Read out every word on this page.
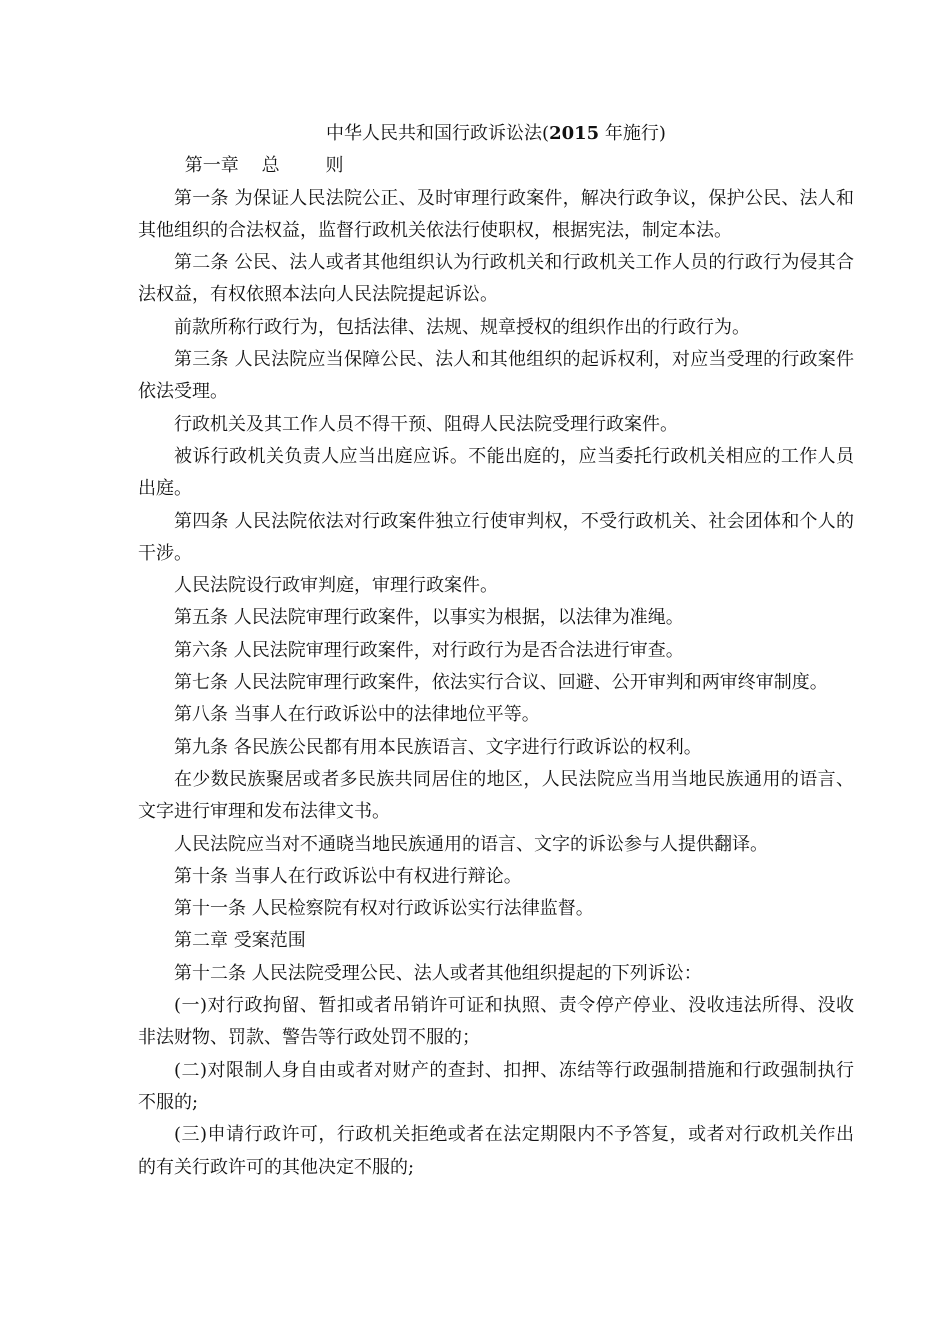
中华人民共和国行政诉讼法(2015 年施行)
第一章    总        则

第一条 为保证人民法院公正、及时审理行政案件，解决行政争议，保护公民、法人和其他组织的合法权益，监督行政机关依法行使职权，根据宪法，制定本法。

第二条 公民、法人或者其他组织认为行政机关和行政机关工作人员的行政行为侵其合法权益，有权依照本法向人民法院提起诉讼。

前款所称行政行为，包括法律、法规、规章授权的组织作出的行政行为。

第三条 人民法院应当保障公民、法人和其他组织的起诉权利，对应当受理的行政案件依法受理。

行政机关及其工作人员不得干预、阻碍人民法院受理行政案件。

被诉行政机关负责人应当出庭应诉。不能出庭的，应当委托行政机关相应的工作人员出庭。

第四条 人民法院依法对行政案件独立行使审判权，不受行政机关、社会团体和个人的干涉。

人民法院设行政审判庭，审理行政案件。

第五条 人民法院审理行政案件，以事实为根据，以法律为准绳。

第六条 人民法院审理行政案件，对行政行为是否合法进行审查。

第七条 人民法院审理行政案件，依法实行合议、回避、公开审判和两审终审制度。

第八条 当事人在行政诉讼中的法律地位平等。

第九条 各民族公民都有用本民族语言、文字进行行政诉讼的权利。

在少数民族聚居或者多民族共同居住的地区，人民法院应当用当地民族通用的语言、文字进行审理和发布法律文书。

人民法院应当对不通晓当地民族通用的语言、文字的诉讼参与人提供翻译。

第十条 当事人在行政诉讼中有权进行辩论。

第十一条 人民检察院有权对行政诉讼实行法律监督。

第二章 受案范围

第十二条 人民法院受理公民、法人或者其他组织提起的下列诉讼：

(一)对行政拘留、暂扣或者吊销许可证和执照、责令停产停业、没收违法所得、没收非法财物、罚款、警告等行政处罚不服的；

(二)对限制人身自由或者对财产的查封、扣押、冻结等行政强制措施和行政强制执行不服的;

(三)申请行政许可，行政机关拒绝或者在法定期限内不予答复，或者对行政机关作出的有关行政许可的其他决定不服的;
